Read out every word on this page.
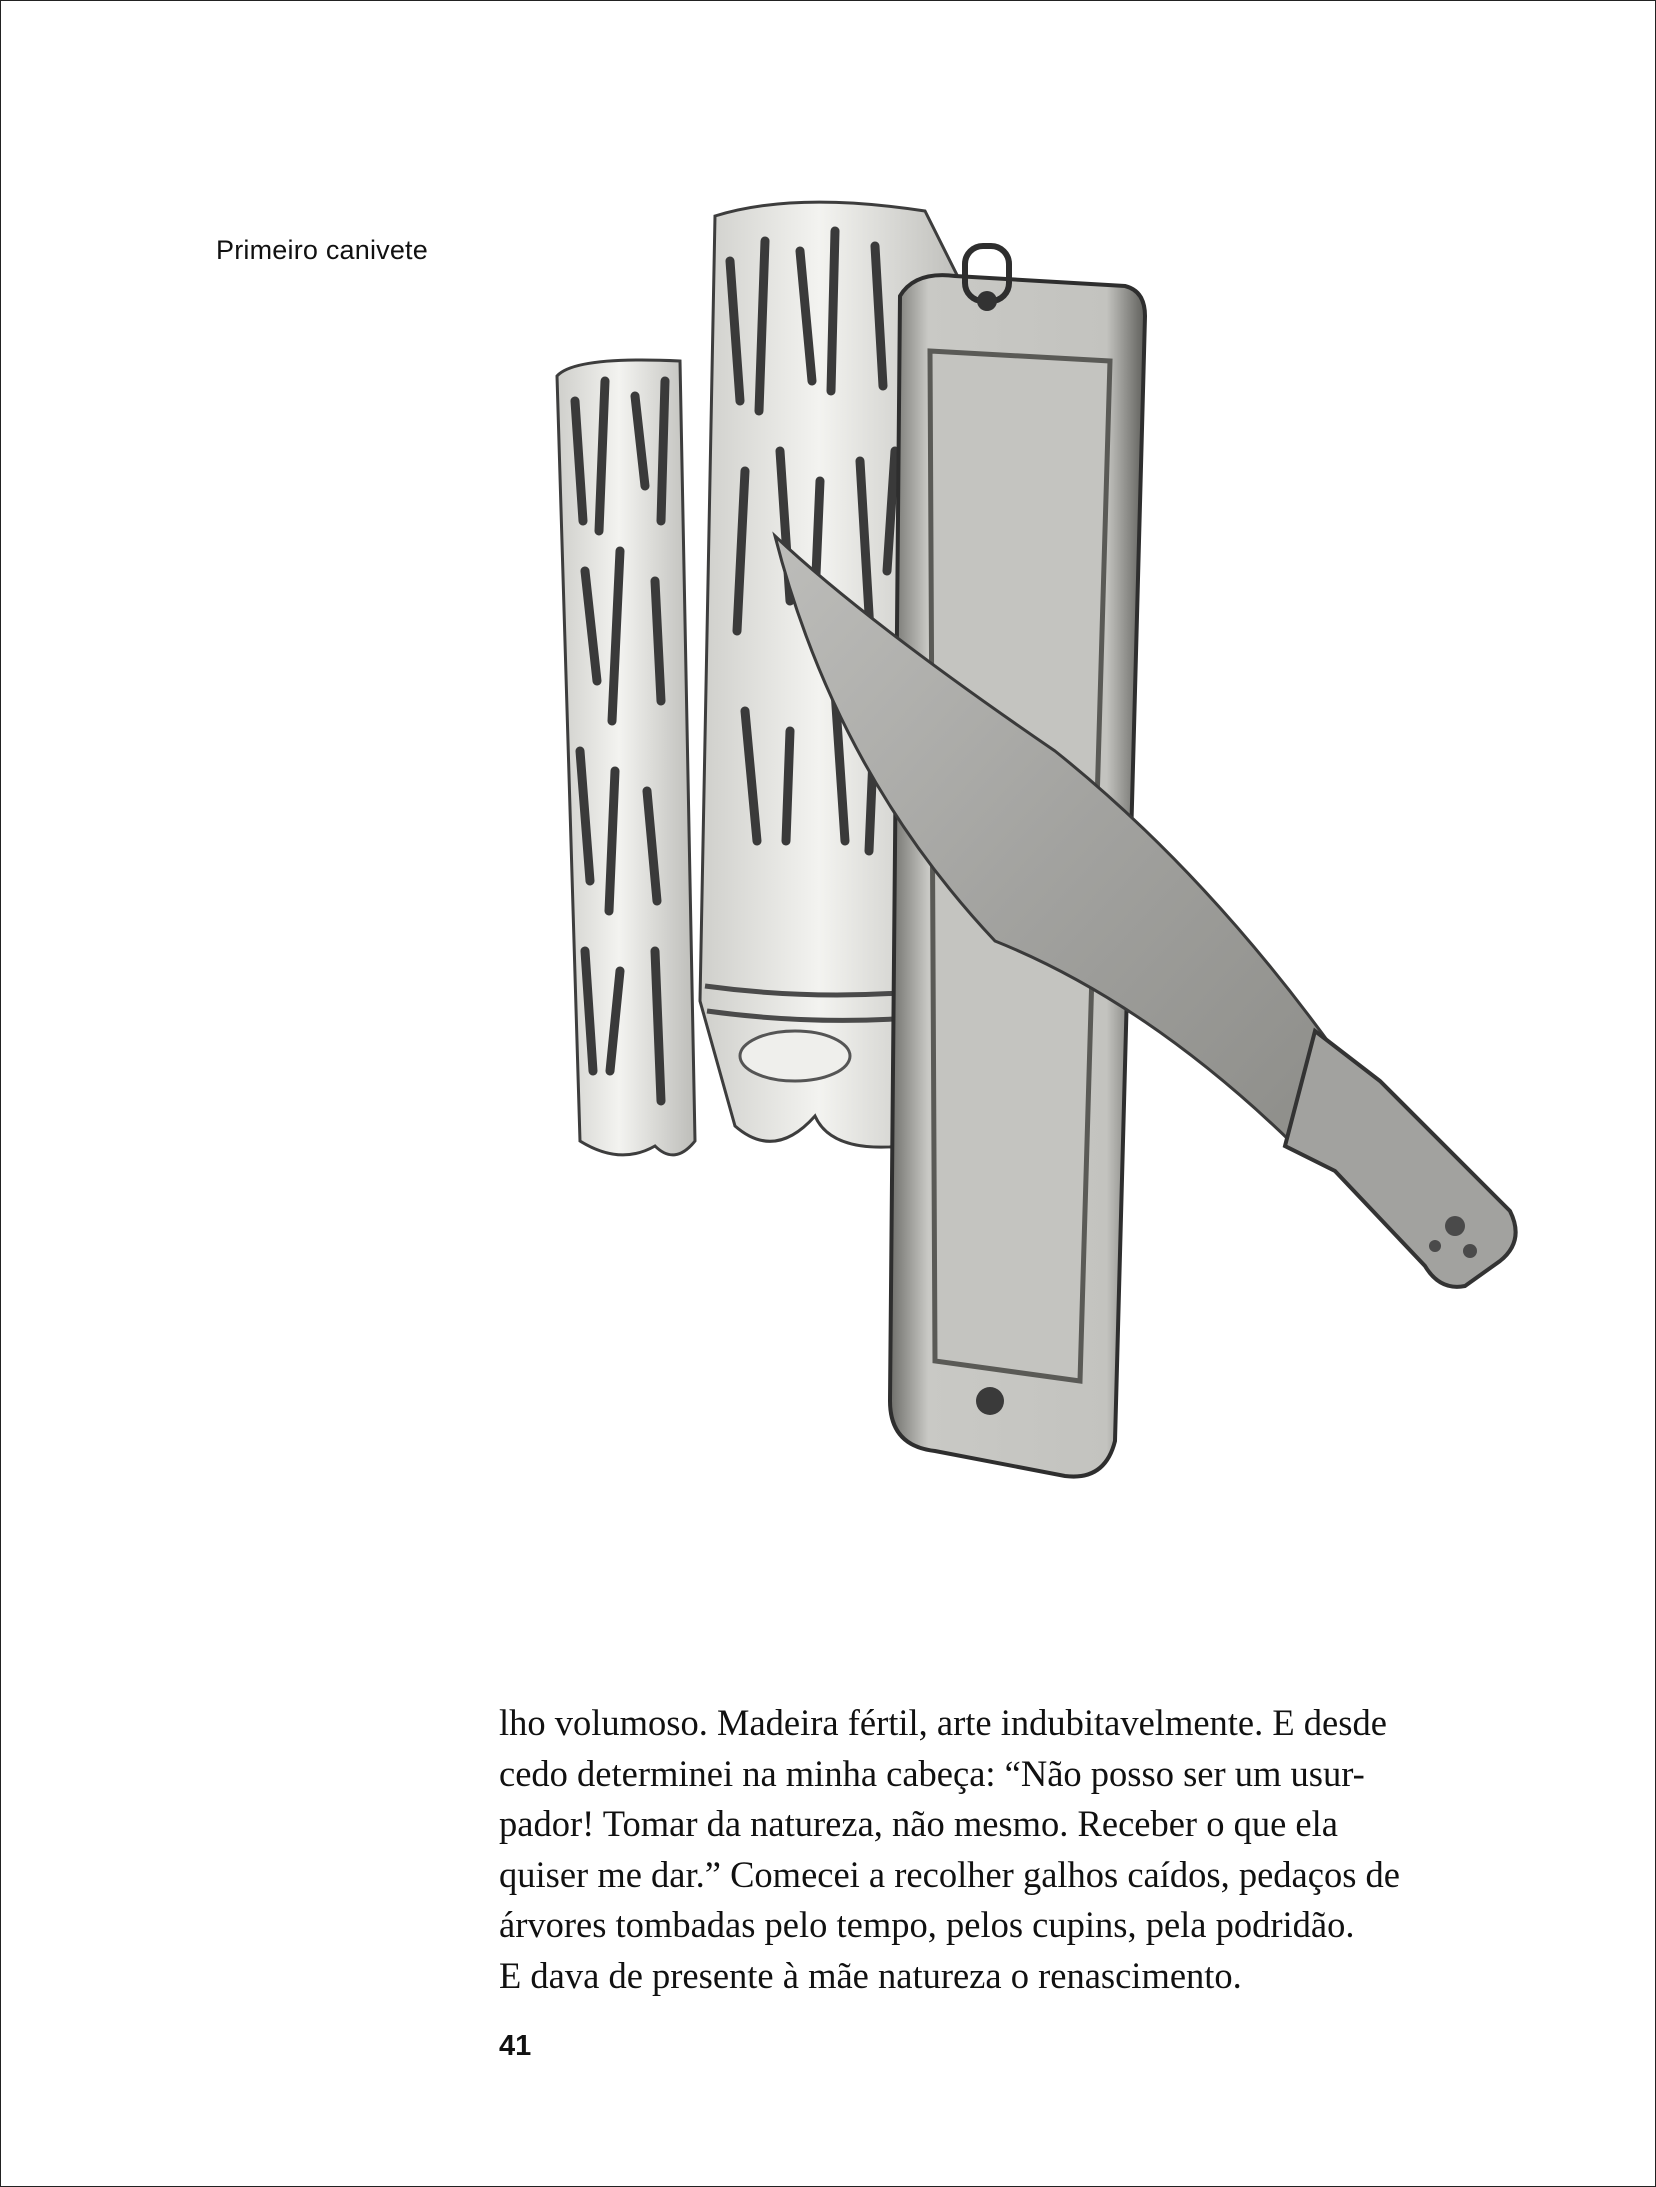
Primeiro canivete
lho volumoso. Madeira fértil, arte indubitavelmente. E desde
cedo determinei na minha cabeça: “Não posso ser um usur-
pador! Tomar da natureza, não mesmo. Receber o que ela
quiser me dar.” Comecei a recolher galhos caídos, pedaços de
árvores tombadas pelo tempo, pelos cupins, pela podridão.
E dava de presente à mãe natureza o renascimento.
41
